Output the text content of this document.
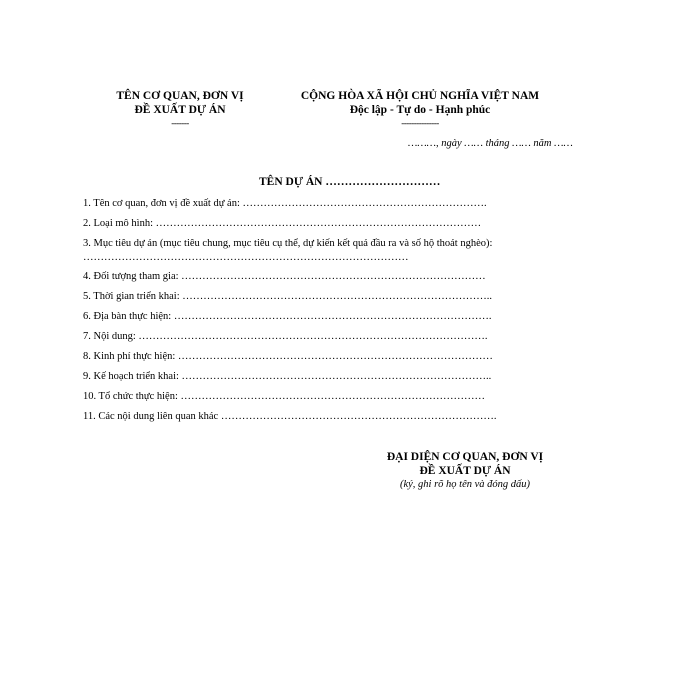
TÊN CƠ QUAN, ĐƠN VỊ
ĐỀ XUẤT DỰ ÁN
-------
CỘNG HÒA XÃ HỘI CHỦ NGHĨA VIỆT NAM
Độc lập - Tự do - Hạnh phúc
---------------
………, ngày …… tháng …… năm ……
TÊN DỰ ÁN …………………………
1. Tên cơ quan, đơn vị đề xuất dự án: …………………………………………………………….
2. Loại mô hình: …………………………………………………………………………………
3. Mục tiêu dự án (mục tiêu chung, mục tiêu cụ thể, dự kiến kết quả đầu ra và số hộ thoát nghèo):
…………………………………………………………………………………
4. Đối tượng tham gia: ……………………………………………………………………………
5. Thời gian triển khai: ……………………………………………………………………………..
6. Địa bàn thực hiện: ……………………………………………………………………………….
7. Nội dung: ……………………………………………………………………………………….
8. Kinh phí thực hiện: ………………………………………………………………………………
9. Kế hoạch triển khai: ……………………………………………………………………………..
10. Tổ chức thực hiện: ……………………………………………………………………………
11. Các nội dung liên quan khác …………………………………………………………………….
ĐẠI DIỆN CƠ QUAN, ĐƠN VỊ
ĐỀ XUẤT DỰ ÁN
(ký, ghi rõ họ tên và đóng dấu)
